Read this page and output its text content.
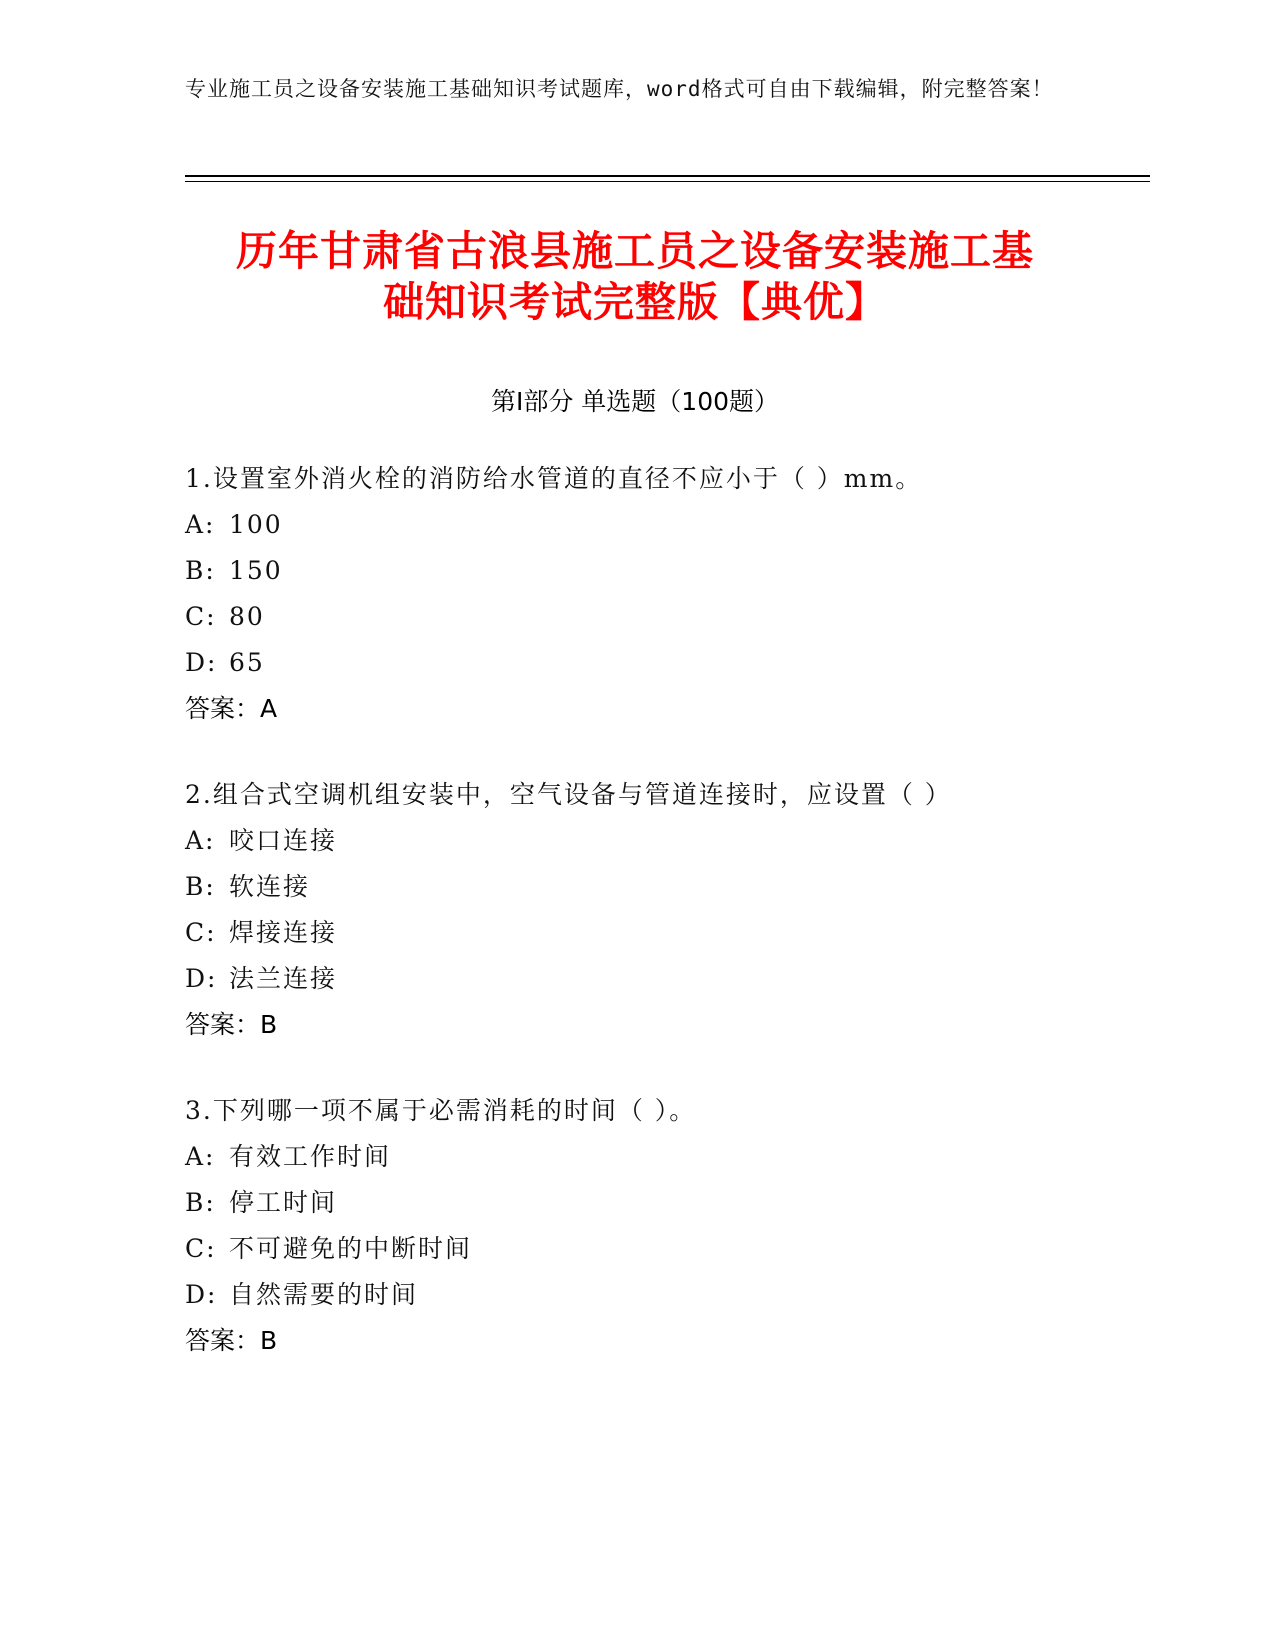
专业施工员之设备安装施工基础知识考试题库，word格式可自由下载编辑，附完整答案！
历年甘肃省古浪县施工员之设备安装施工基
础知识考试完整版【典优】
第Ⅰ部分 单选题（100题）
1.设置室外消火栓的消防给水管道的直径不应小于（ ）mm。
A: 100
B: 150
C: 80
D: 65
答案：A
2.组合式空调机组安装中，空气设备与管道连接时，应设置（ ）
A: 咬口连接
B: 软连接
C: 焊接连接
D: 法兰连接
答案：B
3.下列哪一项不属于必需消耗的时间（ ）。
A: 有效工作时间
B: 停工时间
C: 不可避免的中断时间
D: 自然需要的时间
答案：B
